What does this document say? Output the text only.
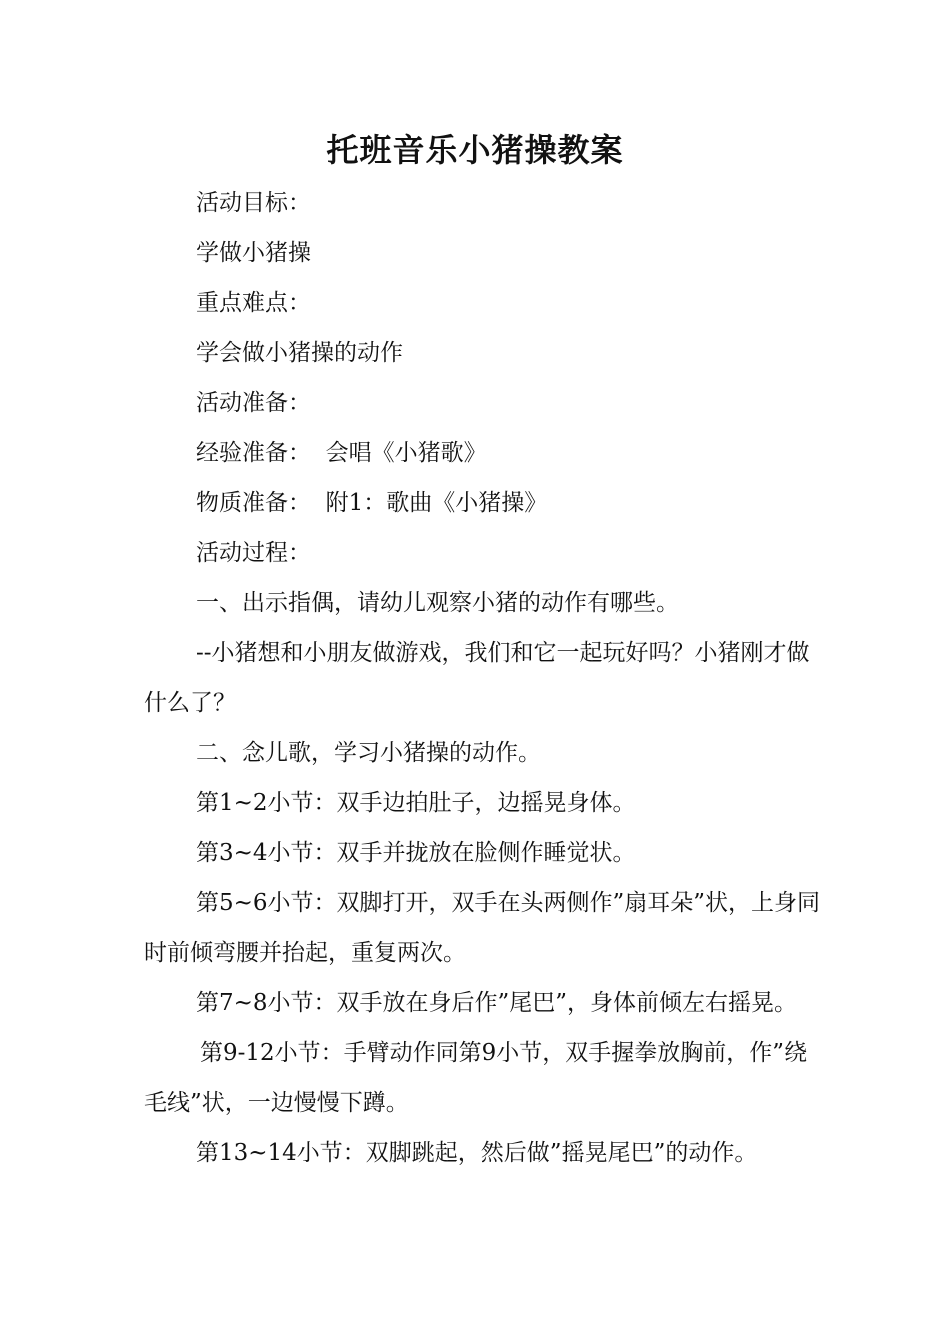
托班音乐小猪操教案

活动目标：

学做小猪操

重点难点：

学会做小猪操的动作

活动准备：

经验准备：  会唱《小猪歌》

物质准备：  附1：歌曲《小猪操》

活动过程：

一、出示指偶，请幼儿观察小猪的动作有哪些。

--小猪想和小朋友做游戏，我们和它一起玩好吗？小猪刚才做什么了？

二、念儿歌，学习小猪操的动作。

第1~2小节：双手边拍肚子，边摇晃身体。

第3~4小节：双手并拢放在脸侧作睡觉状。

第5~6小节：双脚打开，双手在头两侧作”扇耳朵”状，上身同时前倾弯腰并抬起，重复两次。

第7~8小节：双手放在身后作”尾巴”，身体前倾左右摇晃。

第9-12小节：手臂动作同第9小节，双手握拳放胸前，作”绕毛线”状，一边慢慢下蹲。

第13~14小节：双脚跳起，然后做”摇晃尾巴”的动作。
